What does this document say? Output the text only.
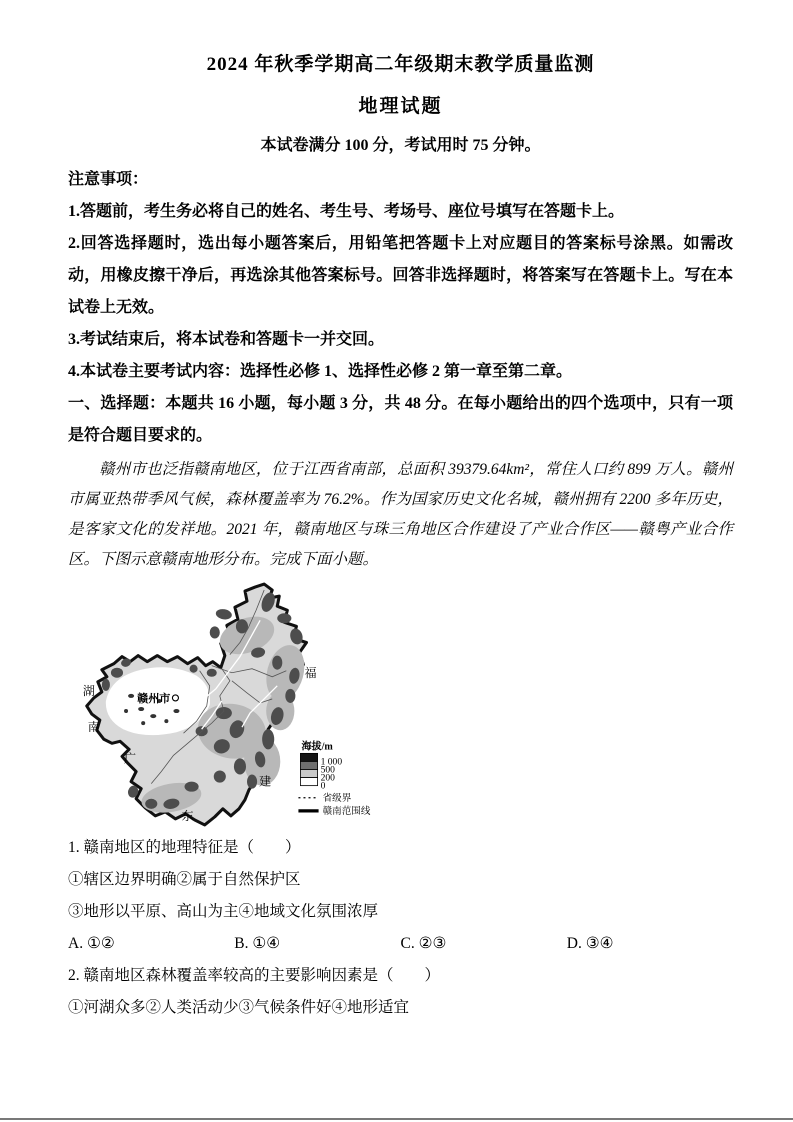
2024 年秋季学期高二年级期末教学质量监测
地理试题

本试卷满分 100 分，考试用时 75 分钟。

注意事项：

1.答题前，考生务必将自己的姓名、考生号、考场号、座位号填写在答题卡上。

2.回答选择题时，选出每小题答案后，用铅笔把答题卡上对应题目的答案标号涂黑。如需改动，用橡皮擦干净后，再选涂其他答案标号。回答非选择题时，将答案写在答题卡上。写在本试卷上无效。

3.考试结束后，将本试卷和答题卡一并交回。

4.本试卷主要考试内容：选择性必修 1、选择性必修 2 第一章至第二章。

一、选择题：本题共 16 小题，每小题 3 分，共 48 分。在每小题给出的四个选项中，只有一项是符合题目要求的。

赣州市也泛指赣南地区，位于江西省南部，总面积 39379.64km²，常住人口约 899 万人。赣州市属亚热带季风气候，森林覆盖率为 76.2%。作为国家历史文化名城，赣州拥有 2200 多年历史，是客家文化的发祥地。2021 年，赣南地区与珠三角地区合作建设了产业合作区——赣粤产业合作区。下图示意赣南地形分布。完成下面小题。

赣州市
湖
南
福
建
广
东
海拔/m
1 000
500
200
0
省级界
赣南范围线

1. 赣南地区的地理特征是（　　）

①辖区边界明确②属于自然保护区

③地形以平原、高山为主④地域文化氛围浓厚

A. ①②	B. ①④	C. ②③	D. ③④

2. 赣南地区森林覆盖率较高的主要影响因素是（　　）

①河湖众多②人类活动少③气候条件好④地形适宜
